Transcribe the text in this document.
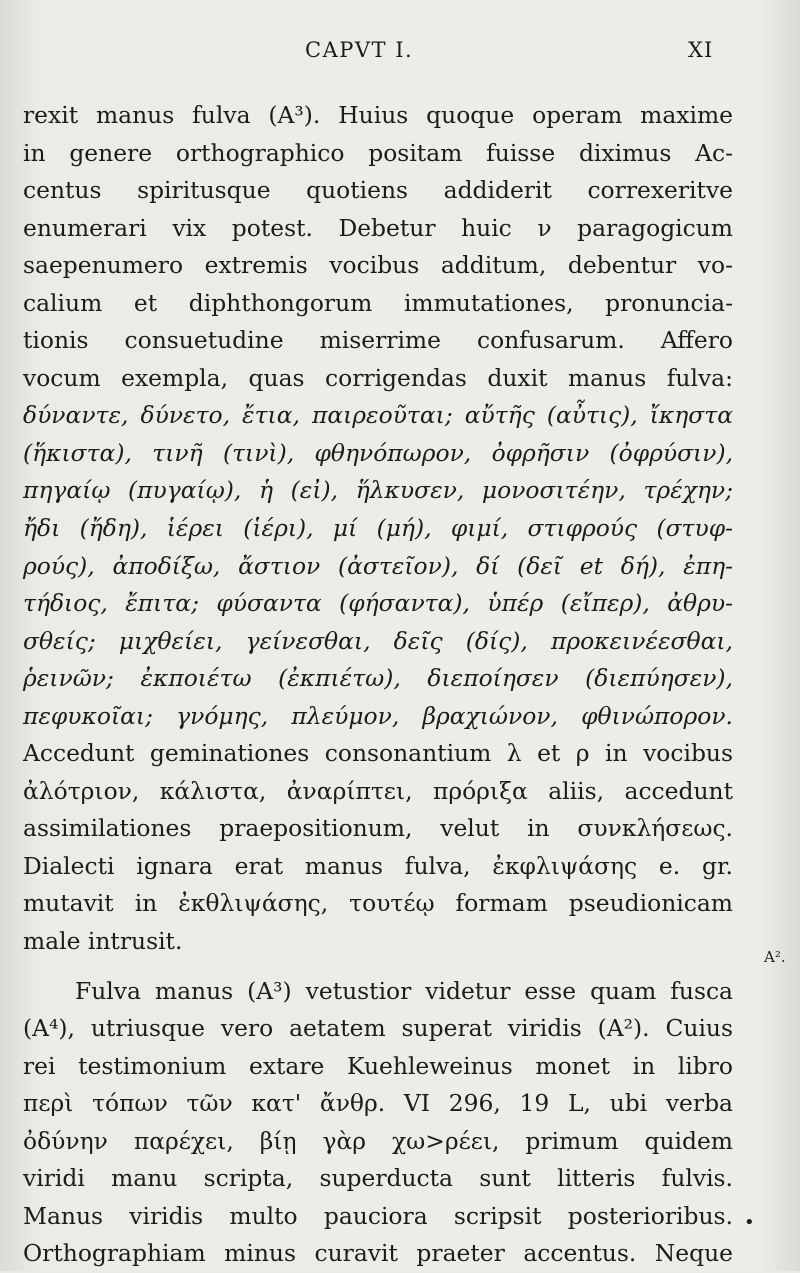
CAPVT I.	XI
rexit manus fulva (A³). Huius quoque operam maxime
in genere orthographico positam fuisse diximus Ac-
centus spiritusque quotiens addiderit correxeritve
enumerari vix potest. Debetur huic ν paragogicum
saepenumero extremis vocibus additum, debentur vo-
calium et diphthongorum immutationes, pronuncia-
tionis consuetudine miserrime confusarum. Affero
vocum exempla, quas corrigendas duxit manus fulva:
δύναντε, δύνετο, ἔτια, παιρεοῦται; αὔτῆς (αὖτις), ἴκηστα
(ἥκιστα), τινῆ (τινὶ), φθηνόπωρον, ὀφρῆσιν (ὀφρύσιν),
πηγαίῳ (πυγαίῳ), ἡ (εἰ), ἥλκυσεν, μονοσιτέην, τρέχην;
ἤδι (ἤδη), ἱέρει (ἱέρι), μί (μή), φιμί, στιφρούς (στυφ-
ρούς), ἀποδίξω, ἄστιον (ἀστεῖον), δί (δεῖ et δή), ἐπη-
τήδιος, ἔπιτα; φύσαντα (φήσαντα), ὑπέρ (εἴπερ), ἀθρυ-
σθείς; μιχθείει, γείνεσθαι, δεῖς (δίς), προκεινέεσθαι,
ῥεινῶν; ἐκποιέτω (ἐκπιέτω), διεποίησεν (διεπύησεν),
πεφυκοῖαι; γνόμης, πλεύμον, βραχιώνον, φθινώπορον.
Accedunt geminationes consonantium λ et ρ in vocibus
ἀλότριον, κάλιστα, ἀναρίπτει, πρόριξα aliis, accedunt
assimilationes praepositionum, velut in συνκλήσεως.
Dialecti ignara erat manus fulva, ἐκφλιψάσης e. gr.
mutavit in ἐκθλιψάσης, τουτέῳ formam pseudionicam
male intrusit.
Fulva manus (A³) vetustior videtur esse quam fusca
(A⁴), utriusque vero aetatem superat viridis (A²). Cuius
rei testimonium extare Kuehleweinus monet in libro
περὶ τόπων τῶν κατ' ἄνθρ. VI 296, 19 L, ubi verba
ὀδύνην παρέχει, βίῃ γὰρ χω>ρέει, primum quidem
viridi manu scripta, superducta sunt litteris fulvis.
Manus viridis multo pauciora scripsit posterioribus.
Orthographiam minus curavit praeter accentus. Neque
A².
•
